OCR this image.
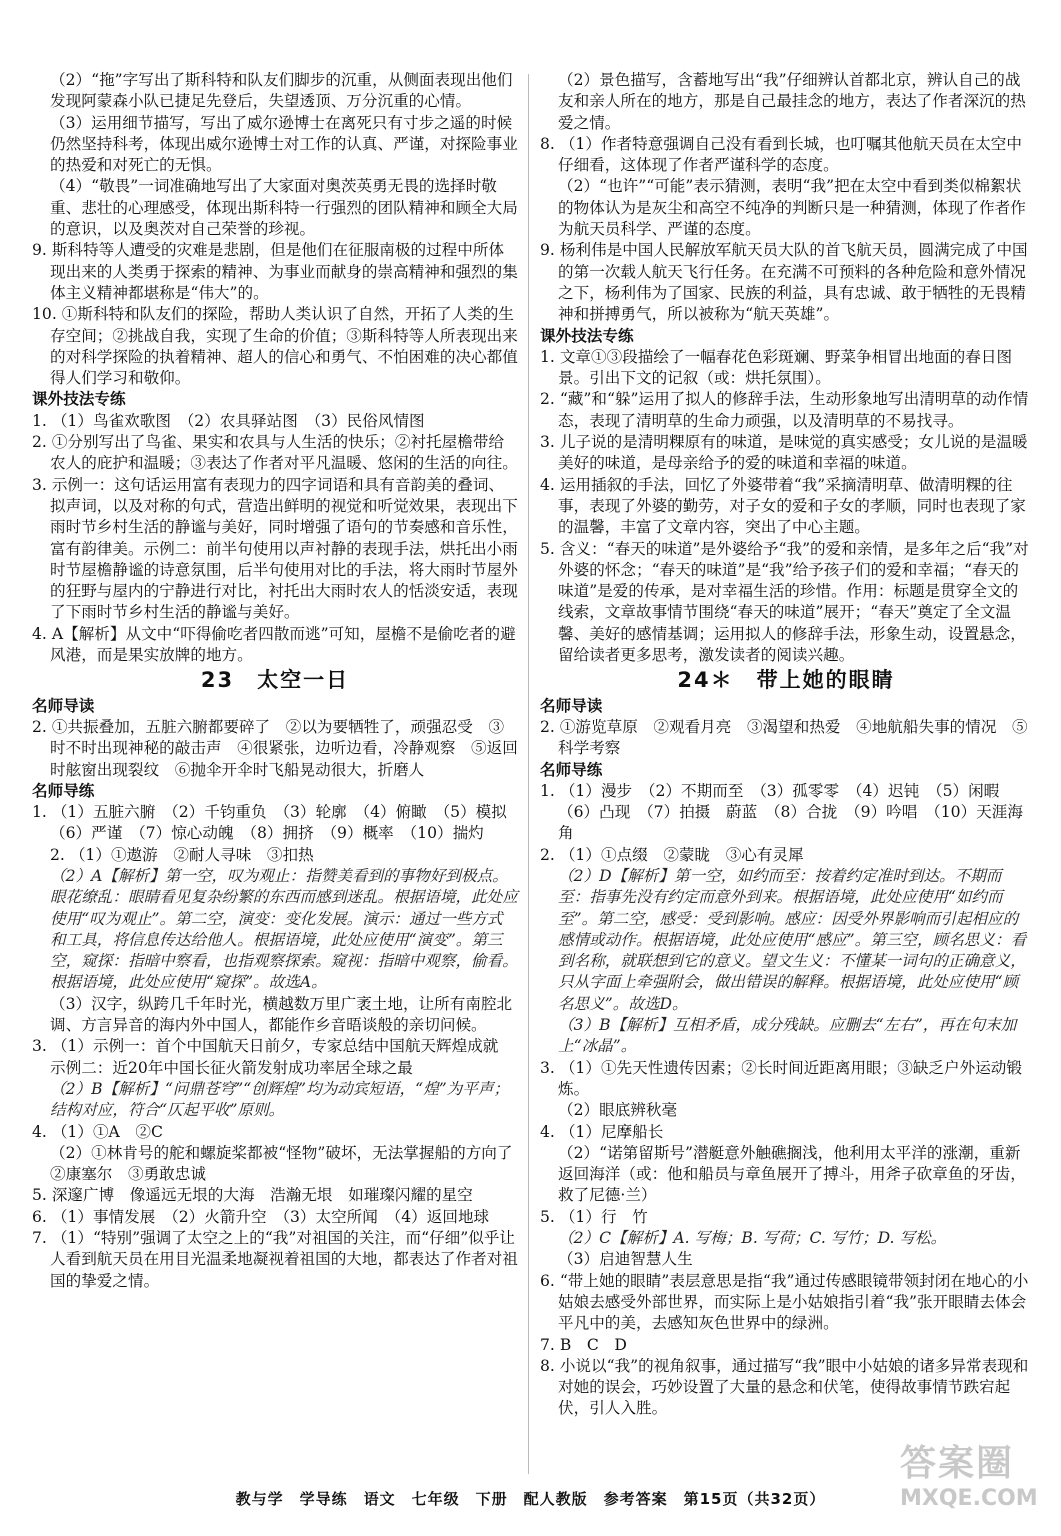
（2）“拖”字写出了斯科特和队友们脚步的沉重，从侧面表现出他们发现阿蒙森小队已捷足先登后，失望透顶、万分沉重的心情。
（3）运用细节描写，写出了威尔逊博士在离死只有寸步之遥的时候仍然坚持科考，体现出威尔逊博士对工作的认真、严谨，对探险事业的热爱和对死亡的无惧。
（4）“敬畏”一词准确地写出了大家面对奥茨英勇无畏的选择时敬重、悲壮的心理感受，体现出斯科特一行强烈的团队精神和顾全大局的意识，以及奥茨对自己荣誉的珍视。
9. 斯科特等人遭受的灾难是悲剧，但是他们在征服南极的过程中所体现出来的人类勇于探索的精神、为事业而献身的崇高精神和强烈的集体主义精神都堪称是“伟大”的。
10. ①斯科特和队友们的探险，帮助人类认识了自然，开拓了人类的生存空间；②挑战自我，实现了生命的价值；③斯科特等人所表现出来的对科学探险的执着精神、超人的信心和勇气、不怕困难的决心都值得人们学习和敬仰。
课外技法专练
1. （1）鸟雀欢歌图　（2）农具驿站图　（3）民俗风情图
2. ①分别写出了鸟雀、果实和农具与人生活的快乐；②衬托屋檐带给农人的庇护和温暖；③表达了作者对平凡温暖、悠闲的生活的向往。
3. 示例一：这句话运用富有表现力的四字词语和具有音韵美的叠词、拟声词，以及对称的句式，营造出鲜明的视觉和听觉效果，表现出下雨时节乡村生活的静谧与美好，同时增强了语句的节奏感和音乐性，富有韵律美。示例二：前半句使用以声衬静的表现手法，烘托出小雨时节屋檐静谧的诗意氛围，后半句使用对比的手法，将大雨时节屋外的狂野与屋内的宁静进行对比，衬托出大雨时农人的恬淡安适，表现了下雨时节乡村生活的静谧与美好。
4. A【解析】从文中“吓得偷吃者四散而逃”可知，屋檐不是偷吃者的避风港，而是果实放牌的地方。
23　太空一日
名师导读
2. ①共振叠加，五脏六腑都要碎了　②以为要牺牲了，顽强忍受　③时不时出现神秘的敲击声　④很紧张，边听边看，冷静观察　⑤返回时舷窗出现裂纹　⑥抛伞开伞时飞船晃动很大，折磨人
名师导练
1. （1）五脏六腑　（2）千钧重负　（3）轮廓　（4）俯瞰　（5）模拟　（6）严谨　（7）惊心动魄　（8）拥挤　（9）概率　（10）揣灼
2. （1）①遨游　②耐人寻味　③扣热
（2）A【解析】第一空，叹为观止：指赞美看到的事物好到极点。眼花缭乱：眼睛看见复杂纷繁的东西而感到迷乱。根据语境，此处应使用“叹为观止”。第二空，演变：变化发展。演示：通过一些方式和工具，将信息传达给他人。根据语境，此处应使用“演变”。第三空，窥探：指暗中察看，也指观察探索。窥视：指暗中观察，偷看。根据语境，此处应使用“窥探”。故选A。
（3）汉字，纵跨几千年时光，横越数万里广袤土地，让所有南腔北调、方言异音的海内外中国人，都能作乡音晤谈般的亲切问候。
3. （1）示例一：首个中国航天日前夕，专家总结中国航天辉煌成就
示例二：近20年中国长征火箭发射成功率居全球之最
（2）B【解析】“问鼎苍穹”“创辉煌”均为动宾短语，“煌”为平声；结构对应，符合“仄起平收”原则。
4. （1）①A　②C
（2）①林肯号的舵和螺旋桨都被“怪物”破坏，无法掌握船的方向了　②康塞尔　③勇敢忠诚
5. 深邃广博　像遥远无垠的大海　浩瀚无垠　如璀璨闪耀的星空
6. （1）事情发展　（2）火箭升空　（3）太空所闻　（4）返回地球
7. （1）“特别”强调了太空之上的“我”对祖国的关注，而“仔细”似乎让人看到航天员在用目光温柔地凝视着祖国的大地，都表达了作者对祖国的挚爱之情。
（2）景色描写，含蓄地写出“我”仔细辨认首都北京，辨认自己的战友和亲人所在的地方，那是自己最挂念的地方，表达了作者深沉的热爱之情。
8. （1）作者特意强调自己没有看到长城，也叮嘱其他航天员在太空中仔细看，这体现了作者严谨科学的态度。
（2）“也许”“可能”表示猜测，表明“我”把在太空中看到类似棉絮状的物体认为是灰尘和高空不纯净的判断只是一种猜测，体现了作者作为航天员科学、严谨的态度。
9. 杨利伟是中国人民解放军航天员大队的首飞航天员，圆满完成了中国的第一次载人航天飞行任务。在充满不可预料的各种危险和意外情况之下，杨利伟为了国家、民族的利益，具有忠诚、敢于牺牲的无畏精神和拼搏勇气，所以被称为“航天英雄”。
课外技法专练
1. 文章①③段描绘了一幅春花色彩斑斓、野菜争相冒出地面的春日图景。引出下文的记叙（或：烘托氛围）。
2. “藏”和“躲”运用了拟人的修辞手法，生动形象地写出清明草的动作情态，表现了清明草的生命力顽强，以及清明草的不易找寻。
3. 儿子说的是清明粿原有的味道，是味觉的真实感受；女儿说的是温暖美好的味道，是母亲给予的爱的味道和幸福的味道。
4. 运用插叙的手法，回忆了外婆带着“我”采摘清明草、做清明粿的往事，表现了外婆的勤劳，对子女的爱和子女的孝顺，同时也表现了家的温馨，丰富了文章内容，突出了中心主题。
5. 含义：“春天的味道”是外婆给予“我”的爱和亲情，是多年之后“我”对外婆的怀念；“春天的味道”是“我”给予孩子们的爱和幸福；“春天的味道”是爱的传承，是对幸福生活的珍惜。作用：标题是贯穿全文的线索，文章故事情节围绕“春天的味道”展开；“春天”奠定了全文温馨、美好的感情基调；运用拟人的修辞手法，形象生动，设置悬念，留给读者更多思考，激发读者的阅读兴趣。
24＊　带上她的眼睛
名师导读
2. ①游览草原　②观看月亮　③渴望和热爱　④地航船失事的情况　⑤科学考察
名师导练
1. （1）漫步　（2）不期而至　（3）孤零零　（4）迟钝　（5）闲暇　（6）凸现　（7）拍摄　蔚蓝　（8）合拢　（9）吟唱　（10）天涯海角
2. （1）①点缀　②蒙眬　③心有灵犀
（2）D【解析】第一空，如约而至：按着约定准时到达。不期而至：指事先没有约定而意外到来。根据语境，此处应使用“如约而至”。第二空，感受：受到影响。感应：因受外界影响而引起相应的感情或动作。根据语境，此处应使用“感应”。第三空，顾名思义：看到名称，就联想到它的意义。望文生义：不懂某一词句的正确意义，只从字面上牵强附会，做出错误的解释。根据语境，此处应使用“顾名思义”。故选D。
（3）B【解析】互相矛盾，成分残缺。应删去“左右”，再在句末加上“冰晶”。
3. （1）①先天性遗传因素；②长时间近距离用眼；③缺乏户外运动锻炼。
（2）眼底辨秋毫
4. （1）尼摩船长
（2）“诺第留斯号”潜艇意外触礁搁浅，他利用太平洋的涨潮，重新返回海洋（或：他和船员与章鱼展开了搏斗，用斧子砍章鱼的牙齿，救了尼德·兰）
5. （1）行　竹
（2）C【解析】A. 写梅；B. 写荷；C. 写竹；D. 写松。
（3）启迪智慧人生
6. “带上她的眼睛”表层意思是指“我”通过传感眼镜带领封闭在地心的小姑娘去感受外部世界，而实际上是小姑娘指引着“我”张开眼睛去体会平凡中的美，去感知灰色世界中的绿洲。
7. B　C　D
8. 小说以“我”的视角叙事，通过描写“我”眼中小姑娘的诸多异常表现和对她的误会，巧妙设置了大量的悬念和伏笔，使得故事情节跌宕起伏，引人入胜。
教与学　学导练　语文　七年级　下册　配人教版　参考答案　第15页（共32页）
答案圈
MXQE.COM
